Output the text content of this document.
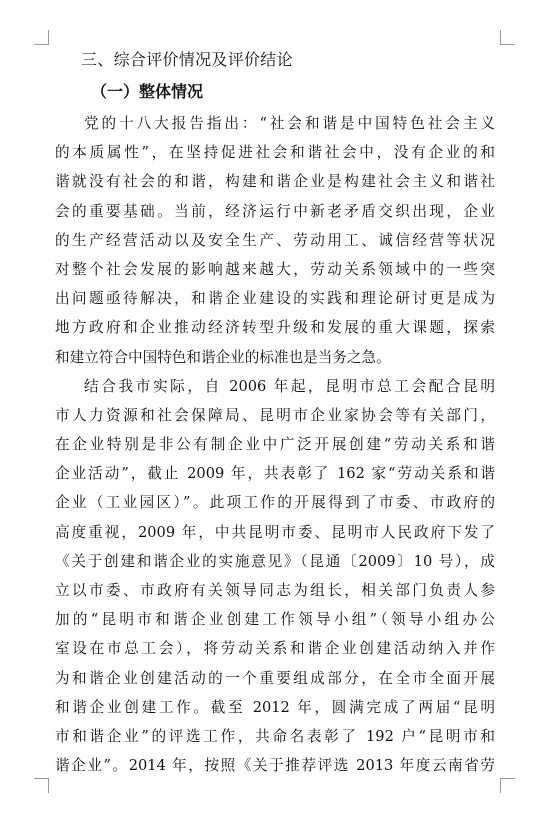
三、综合评价情况及评价结论
（一）整体情况
党的十八大报告指出：“社会和谐是中国特色社会主义
的本质属性”，在坚持促进社会和谐社会中，没有企业的和
谐就没有社会的和谐，构建和谐企业是构建社会主义和谐社
会的重要基础。当前，经济运行中新老矛盾交织出现，企业
的生产经营活动以及安全生产、劳动用工、诚信经营等状况
对整个社会发展的影响越来越大，劳动关系领域中的一些突
出问题亟待解决，和谐企业建设的实践和理论研讨更是成为
地方政府和企业推动经济转型升级和发展的重大课题，探索
和建立符合中国特色和谐企业的标准也是当务之急。
结合我市实际，自 2006 年起，昆明市总工会配合昆明
市人力资源和社会保障局、昆明市企业家协会等有关部门，
在企业特别是非公有制企业中广泛开展创建“劳动关系和谐
企业活动”，截止 2009 年，共表彰了 162 家“劳动关系和谐
企业（工业园区）”。此项工作的开展得到了市委、市政府的
高度重视，2009 年，中共昆明市委、昆明市人民政府下发了
《关于创建和谐企业的实施意见》（昆通〔2009〕10 号），成
立以市委、市政府有关领导同志为组长，相关部门负责人参
加的“昆明市和谐企业创建工作领导小组”（领导小组办公
室设在市总工会），将劳动关系和谐企业创建活动纳入并作
为和谐企业创建活动的一个重要组成部分，在全市全面开展
和谐企业创建工作。截至 2012 年，圆满完成了两届“昆明
市和谐企业”的评选工作，共命名表彰了 192 户“昆明市和
谐企业”。2014 年，按照《关于推荐评选 2013 年度云南省劳
